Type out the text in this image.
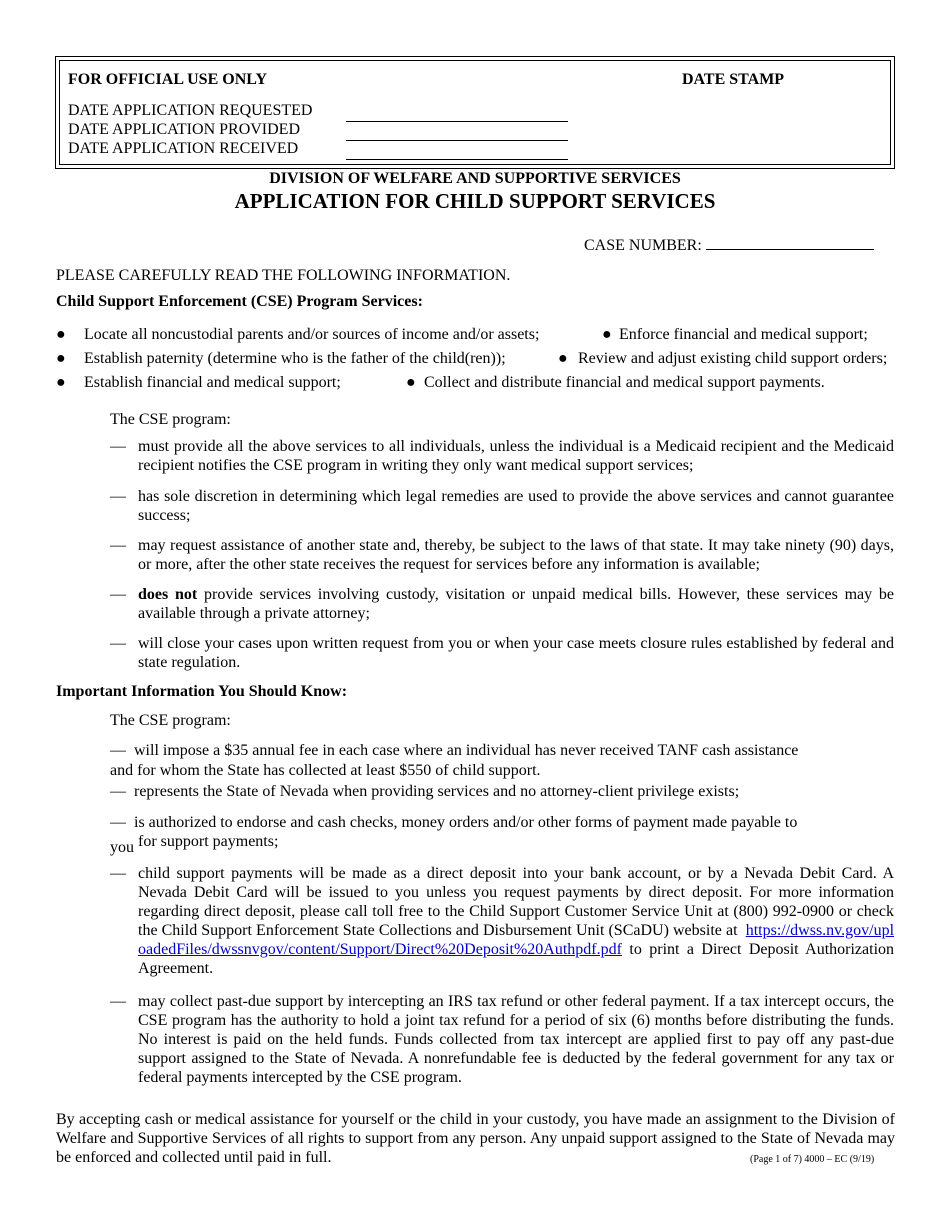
FOR OFFICIAL USE ONLY	DATE STAMP
DATE APPLICATION REQUESTED
DATE APPLICATION PROVIDED
DATE APPLICATION RECEIVED
DIVISION OF WELFARE AND SUPPORTIVE SERVICES
APPLICATION FOR CHILD SUPPORT SERVICES
CASE NUMBER:
PLEASE CAREFULLY READ THE FOLLOWING INFORMATION.
Child Support Enforcement (CSE) Program Services:
● Locate all noncustodial parents and/or sources of income and/or assets;	● Enforce financial and medical support;
● Establish paternity (determine who is the father of the child(ren));	● Review and adjust existing child support orders;
● Establish financial and medical support;	● Collect and distribute financial and medical support payments.
The CSE program:
— must provide all the above services to all individuals, unless the individual is a Medicaid recipient and the Medicaid recipient notifies the CSE program in writing they only want medical support services;
— has sole discretion in determining which legal remedies are used to provide the above services and cannot guarantee success;
— may request assistance of another state and, thereby, be subject to the laws of that state. It may take ninety (90) days, or more, after the other state receives the request for services before any information is available;
— does not provide services involving custody, visitation or unpaid medical bills. However, these services may be available through a private attorney;
— will close your cases upon written request from you or when your case meets closure rules established by federal and state regulation.
Important Information You Should Know:
The CSE program:
— will impose a $35 annual fee in each case where an individual has never received TANF cash assistance
and for whom the State has collected at least $550 of child support.
— represents the State of Nevada when providing services and no attorney-client privilege exists;
— is authorized to endorse and cash checks, money orders and/or other forms of payment made payable to
you for support payments;
— child support payments will be made as a direct deposit into your bank account, or by a Nevada Debit Card. A Nevada Debit Card will be issued to you unless you request payments by direct deposit. For more information regarding direct deposit, please call toll free to the Child Support Customer Service Unit at (800) 992-0900 or check the Child Support Enforcement State Collections and Disbursement Unit (SCaDU) website at https://dwss.nv.gov/uploadedFiles/dwssnvgov/content/Support/Direct%20Deposit%20Authpdf.pdf to print a Direct Deposit Authorization Agreement.
— may collect past-due support by intercepting an IRS tax refund or other federal payment. If a tax intercept occurs, the CSE program has the authority to hold a joint tax refund for a period of six (6) months before distributing the funds. No interest is paid on the held funds. Funds collected from tax intercept are applied first to pay off any past-due support assigned to the State of Nevada. A nonrefundable fee is deducted by the federal government for any tax or federal payments intercepted by the CSE program.
By accepting cash or medical assistance for yourself or the child in your custody, you have made an assignment to the Division of Welfare and Supportive Services of all rights to support from any person. Any unpaid support assigned to the State of Nevada may be enforced and collected until paid in full.	(Page 1 of 7) 4000 – EC (9/19)
